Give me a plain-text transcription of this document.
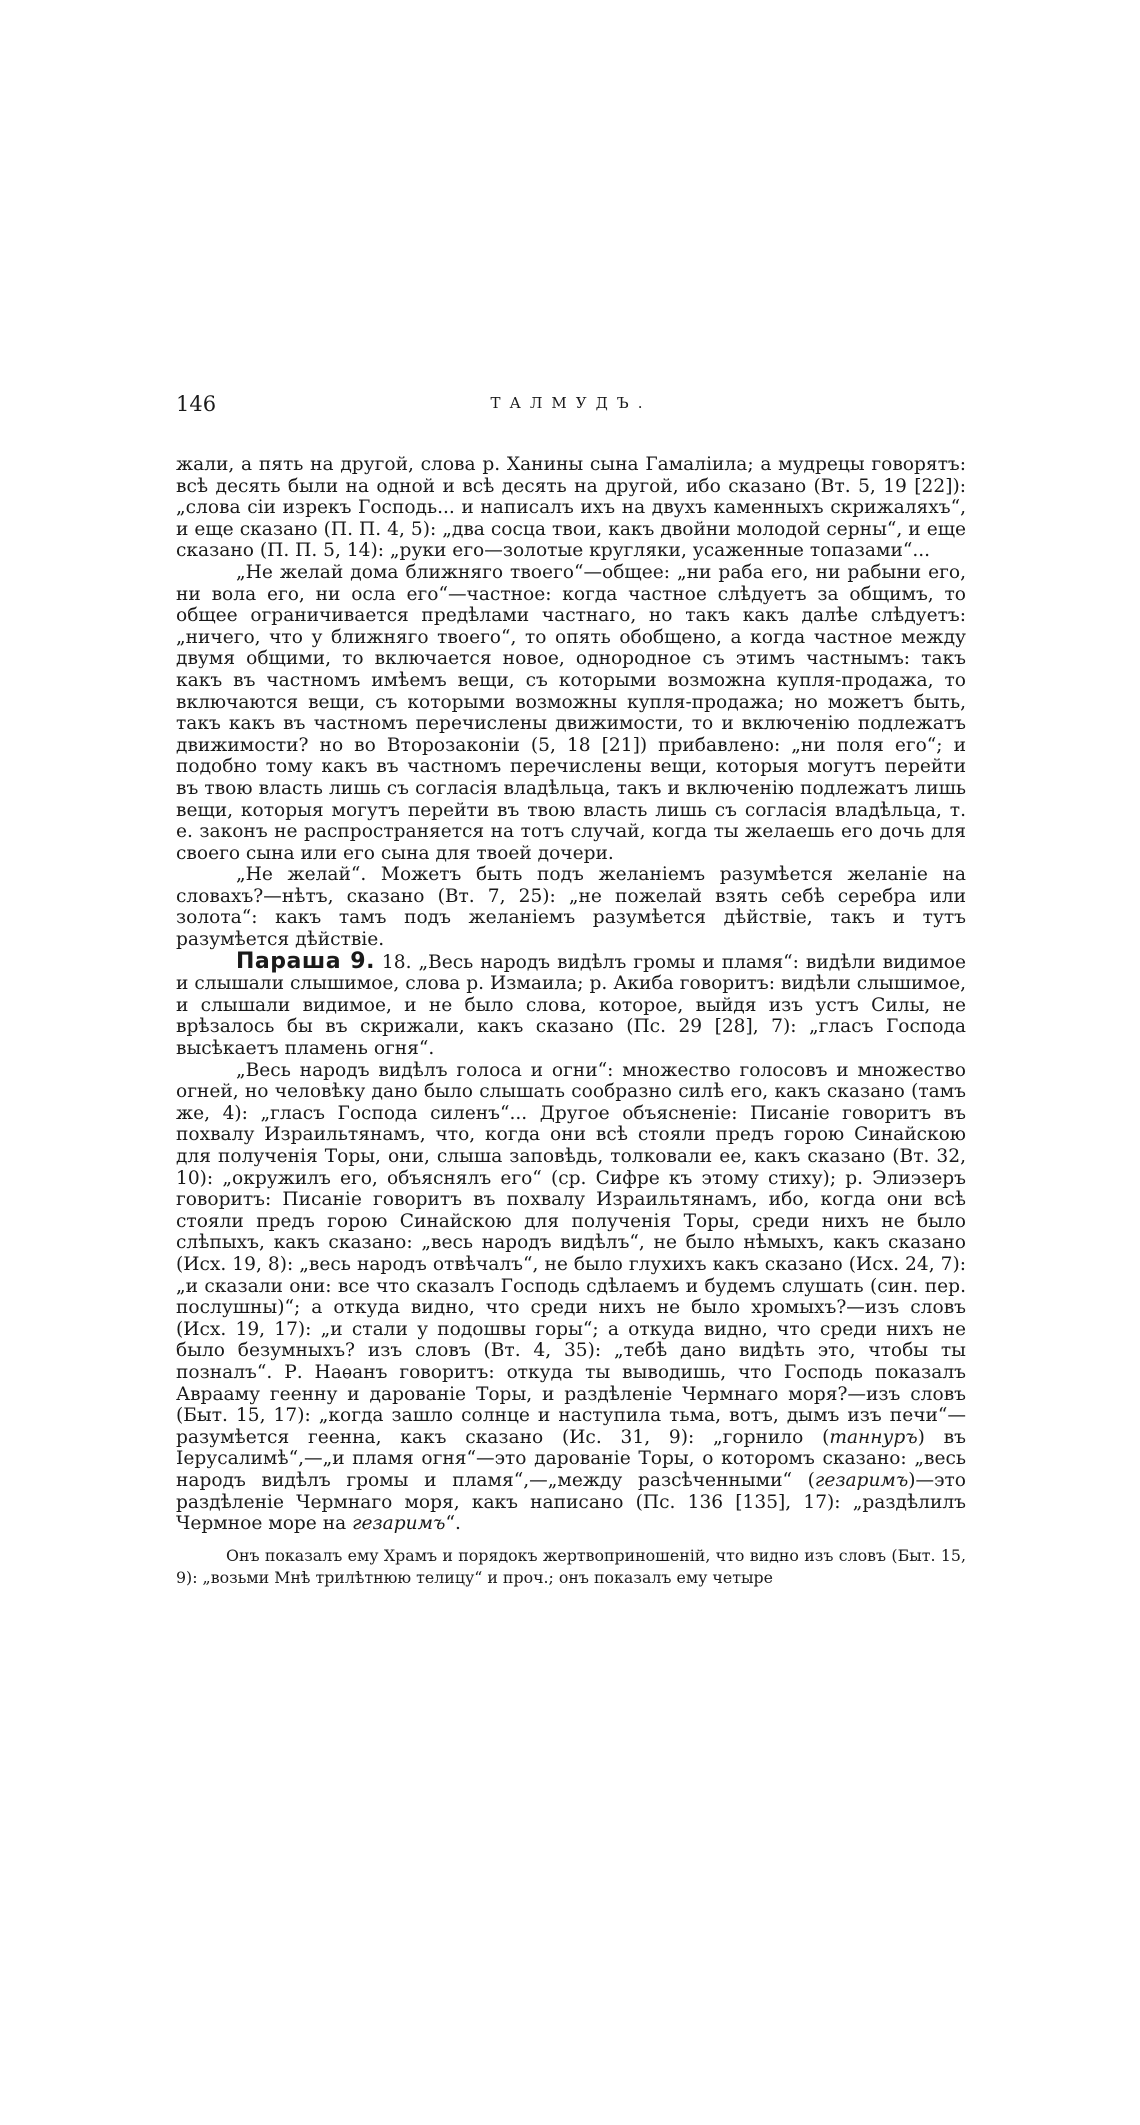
146	ТАЛМУДЪ.

жали, а пять на другой, слова р. Ханины сына Гамаліила; а мудрецы говорятъ: всѣ десять были на одной и всѣ десять на другой, ибо сказано (Вт. 5, 19 [22]): „слова сіи изрекъ Господь... и написалъ ихъ на двухъ каменныхъ скрижаляхъ“, и еще сказано (П. П. 4, 5): „два сосца твои, какъ двойни молодой серны“, и еще сказано (П. П. 5, 14): „руки его—золотые кругляки, усаженные топазами“...

„Не желай дома ближняго твоего“—общее: „ни раба его, ни рабыни его, ни вола его, ни осла его“—частное: когда частное слѣдуетъ за общимъ, то общее ограничивается предѣлами частнаго, но такъ какъ далѣе слѣдуетъ: „ничего, что у ближняго твоего“, то опять обобщено, а когда частное между двумя общими, то включается новое, однородное съ этимъ частнымъ: такъ какъ въ частномъ имѣемъ вещи, съ которыми возможна купля-продажа, то включаются вещи, съ которыми возможны купля-продажа; но можетъ быть, такъ какъ въ частномъ перечислены движимости, то и включенію подлежатъ движимости? но во Второзаконіи (5, 18 [21]) прибавлено: „ни поля его“; и подобно тому какъ въ частномъ перечислены вещи, которыя могутъ перейти въ твою власть лишь съ согласія владѣльца, такъ и включенію подлежатъ лишь вещи, которыя могутъ перейти въ твою власть лишь съ согласія владѣльца, т. е. законъ не распространяется на тотъ случай, когда ты желаешь его дочь для своего сына или его сына для твоей дочери.

„Не желай“. Можетъ быть подъ желаніемъ разумѣется желаніе на словахъ?—нѣтъ, сказано (Вт. 7, 25): „не пожелай взять себѣ серебра или золота“: какъ тамъ подъ желаніемъ разумѣется дѣйствіе, такъ и тутъ разумѣется дѣйствіе.

Параша 9. 18. „Весь народъ видѣлъ громы и пламя“: видѣли видимое и слышали слышимое, слова р. Измаила; р. Акиба говоритъ: видѣли слышимое, и слышали видимое, и не было слова, которое, выйдя изъ устъ Силы, не врѣзалось бы въ скрижали, какъ сказано (Пс. 29 [28], 7): „гласъ Господа высѣкаетъ пламень огня“.

„Весь народъ видѣлъ голоса и огни“: множество голосовъ и множество огней, но человѣку дано было слышать сообразно силѣ его, какъ сказано (тамъ же, 4): „гласъ Господа силенъ“... Другое объясненіе: Писаніе говоритъ въ похвалу Израильтянамъ, что, когда они всѣ стояли предъ горою Синайскою для полученія Торы, они, слыша заповѣдь, толковали ее, какъ сказано (Вт. 32, 10): „окружилъ его, объяснялъ его“ (ср. Сифре къ этому стиху); р. Элиэзеръ говоритъ: Писаніе говоритъ въ похвалу Израильтянамъ, ибо, когда они всѣ стояли предъ горою Синайскою для полученія Торы, среди нихъ не было слѣпыхъ, какъ сказано: „весь народъ видѣлъ“, не было нѣмыхъ, какъ сказано (Исх. 19, 8): „весь народъ отвѣчалъ“, не было глухихъ какъ сказано (Исх. 24, 7): „и сказали они: все что сказалъ Господь сдѣлаемъ и будемъ слушать (син. пер. послушны)“; а откуда видно, что среди нихъ не было хромыхъ?—изъ словъ (Исх. 19, 17): „и стали у подошвы горы“; а откуда видно, что среди нихъ не было безумныхъ? изъ словъ (Вт. 4, 35): „тебѣ дано видѣть это, чтобы ты позналъ“. Р. Наѳанъ говоритъ: откуда ты выводишь, что Господь показалъ Аврааму геенну и дарованіе Торы, и раздѣленіе Чермнаго моря?—изъ словъ (Быт. 15, 17): „когда зашло солнце и наступила тьма, вотъ, дымъ изъ печи“—разумѣется геенна, какъ сказано (Ис. 31, 9): „горнило (таннуръ) въ Іерусалимѣ“,—„и пламя огня“—это дарованіе Торы, о которомъ сказано: „весь народъ видѣлъ громы и пламя“,—„между разсѣченными“ (гезаримъ)—это раздѣленіе Чермнаго моря, какъ написано (Пс. 136 [135], 17): „раздѣлилъ Чермное море на гезаримъ“.

Онъ показалъ ему Храмъ и порядокъ жертвоприношеній, что видно изъ словъ (Быт. 15, 9): „возьми Мнѣ трилѣтнюю телицу“ и проч.; онъ показалъ ему четыре
